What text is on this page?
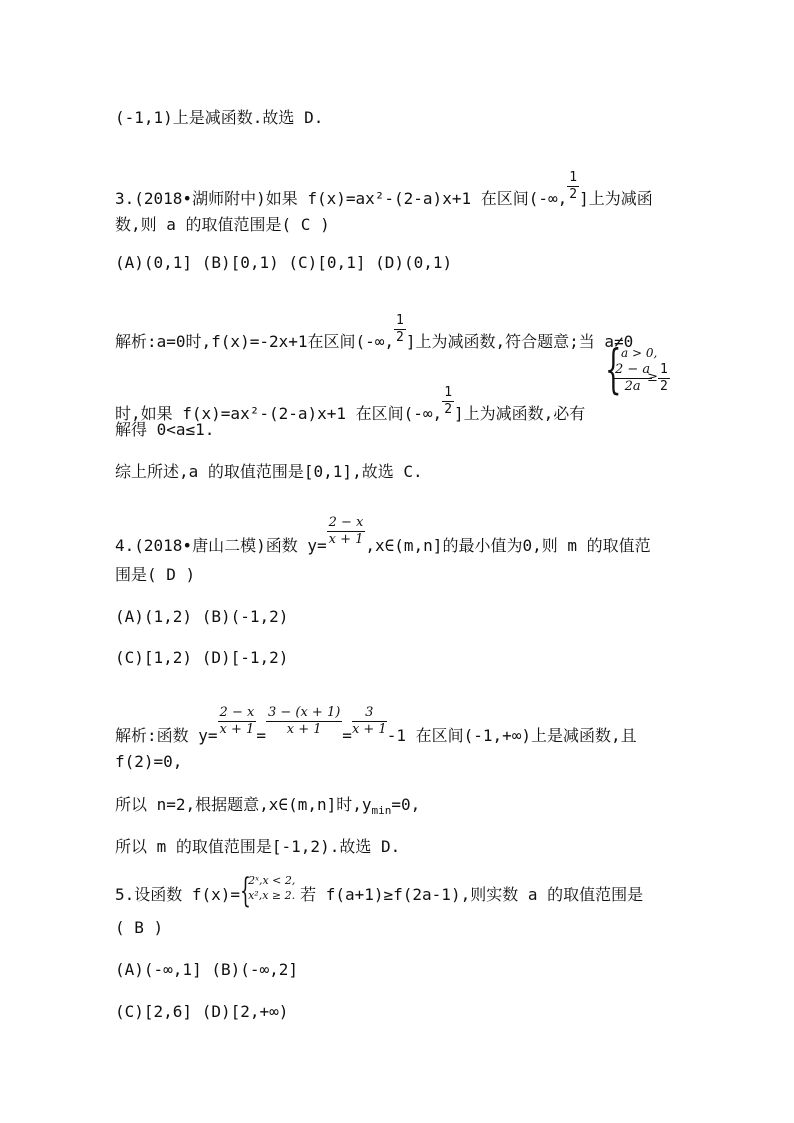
(-1,1)上是减函数.故选 D.
3.(2018•湖师附中)如果 f(x)=ax²-(2-a)x+1 在区间(-∞, $\frac{1}{2}$ ]上为减函
数,则 a 的取值范围是( C )
(A)(0,1] (B)[0,1) (C)[0,1] (D)(0,1)
解析:a=0时,f(x)=-2x+1在区间(-∞, $\frac{1}{2}$ ]上为减函数,符合题意;当 a≠0
时,如果 f(x)=ax²-(2-a)x+1 在区间(-∞, $\frac{1}{2}$ ]上为减函数,必有
{ a > 0,
$\frac{2 - a}{2a}$
≥ $\frac{1}{2}$
解得 0<a≤1.
综上所述,a 的取值范围是[0,1],故选 C.
4.(2018•唐山二模)函数 $y= \frac{2 - x}{x + 1}$ ,x∈(m,n]的最小值为0,则 m 的取值范
围是( D )
(A)(1,2) (B)(-1,2)
(C)[1,2) (D)[-1,2)
解析:函数 $y= \frac{2 - x}{x + 1} = \frac{3 - (x + 1)}{x + 1} = \frac{3}{x + 1} -1$ 在区间(-1,+∞)上是减函数,且
f(2)=0,
所以 n=2,根据题意,x∈(m,n]时$,y_{min}=0$,
所以 m 的取值范围是[-1,2).故选 D.
5.设函数 f(x)= {
2ˣ,x < 2,
x²,x ≥ 2. 若 f(a+1)≥f(2a-1),则实数 a 的取值范围是
( B )
(A)(-∞,1] (B)(-∞,2]
(C)[2,6] (D)[2,+∞)
